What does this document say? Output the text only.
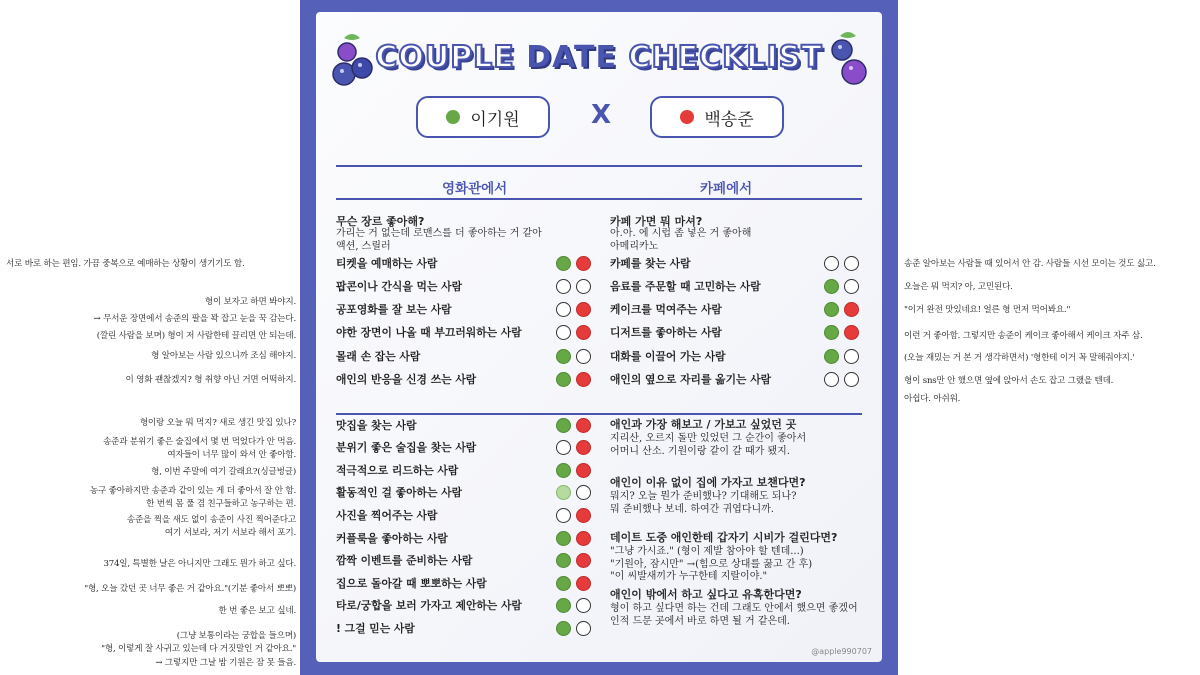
서로 바로 하는 편임. 가끔 중복으로 예매하는 상황이 생기기도 함.
형이 보자고 하면 봐야지.
→ 무서운 장면에서 송준의 팔을 꽉 잡고 눈을 꾹 감는다.
(깔린 사람을 보며) 형이 저 사람한테 끌리면 안 되는데.
형 알아보는 사람 있으니까 조심 해야지.
이 영화 괜찮겠지? 형 취향 아닌 거면 어떡하지.
형이랑 오늘 뭐 먹지? 새로 생긴 맛집 있나?
송준과 분위기 좋은 술집에서 몇 번 먹었다가 안 먹음.
여자들이 너무 많이 와서 안 좋아함.
형, 이번 주말에 여기 갈래요?(싱글벙글)
농구 좋아하지만 송준과 같이 있는 게 더 좋아서 잘 안 함.
한 번씩 몸 풀 겸 친구들하고 농구하는 편.
송준을 찍을 새도 없이 송준이 사진 찍어준다고
여기 서보라, 저기 서보라 해서 포기.
374일, 특별한 날은 아니지만 그래도 뭔가 하고 싶다.
"형, 오늘 갔던 곳 너무 좋은 거 같아요."(기분 좋아서 뽀뽀)
한 번 좋은 보고 싶네.
(그냥 보통이라는 궁합을 들으며)
"형, 이렇게 잘 사귀고 있는데 다 거짓말인 거 같아요."
→ 그렇지만 그날 밤 기원은 잠 못 들음.
송준 알아보는 사람들 때 있어서 안 감. 사람들 시선 모이는 것도 싫고.
오늘은 뭐 먹지? 아, 고민된다.
"이거 완전 맛있네요! 얼른 형 먼저 먹어봐요."
이런 거 좋아함. 그렇지만 송준이 케이크 좋아해서 케이크 자주 삼.
(오늘 재밌는 거 본 거 생각하면서) '형한테 이거 꼭 말해줘야지.'
형이 sns만 안 했으면 옆에 앉아서 손도 잡고 그랬을 텐데.
아쉽다. 아쉬워.
COUPLE DATE CHECKLIST
이기원	X	백송준
영화관에서	카페에서
무슨 장르 좋아해?
가리는 거 없는데 로맨스를 더 좋아하는 거 같아
액션, 스릴러
카페 가면 뭐 마셔?
아.아. 에 시럽 좀 넣은 거 좋아해
아메리카노
티켓을 예매하는 사람
팝콘이나 간식을 먹는 사람
공포영화를 잘 보는 사람
야한 장면이 나올 때 부끄러워하는 사람
몰래 손 잡는 사람
애인의 반응을 신경 쓰는 사람
카페를 찾는 사람
음료를 주문할 때 고민하는 사람
케이크를 먹여주는 사람
디저트를 좋아하는 사람
대화를 이끌어 가는 사람
애인의 옆으로 자리를 옮기는 사람
맛집을 찾는 사람
분위기 좋은 술집을 찾는 사람
적극적으로 리드하는 사람
활동적인 걸 좋아하는 사람
사진을 찍어주는 사람
커플룩을 좋아하는 사람
깜짝 이벤트를 준비하는 사람
집으로 돌아갈 때 뽀뽀하는 사람
타로/궁합을 보러 가자고 제안하는 사람
! 그걸 믿는 사람
애인과 가장 해보고 / 가보고 싶었던 곳
지리산, 오르지 돌만 있었던 그 순간이 좋아서
어머니 산소. 기원이랑 같이 갈 때가 됐지.
애인이 이유 없이 집에 가자고 보챈다면?
뭐지? 오늘 뭔가 준비했나? 기대해도 되나?
뭐 준비했나 보네. 하여간 귀엽다니까.
데이트 도중 애인한테 갑자기 시비가 걸린다면?
"그냥 가시죠." (형이 제발 참아야 할 텐데...)
"기원아, 잠시만" →(힘으로 상대를 꿇고 간 후)
"이 씨발새끼가 누구한테 지랄이야."
애인이 밖에서 하고 싶다고 유혹한다면?
형이 하고 싶다면 하는 건데 그래도 안에서 했으면 좋겠어
인적 드문 곳에서 바로 하면 될 거 같은데.
@apple990707
